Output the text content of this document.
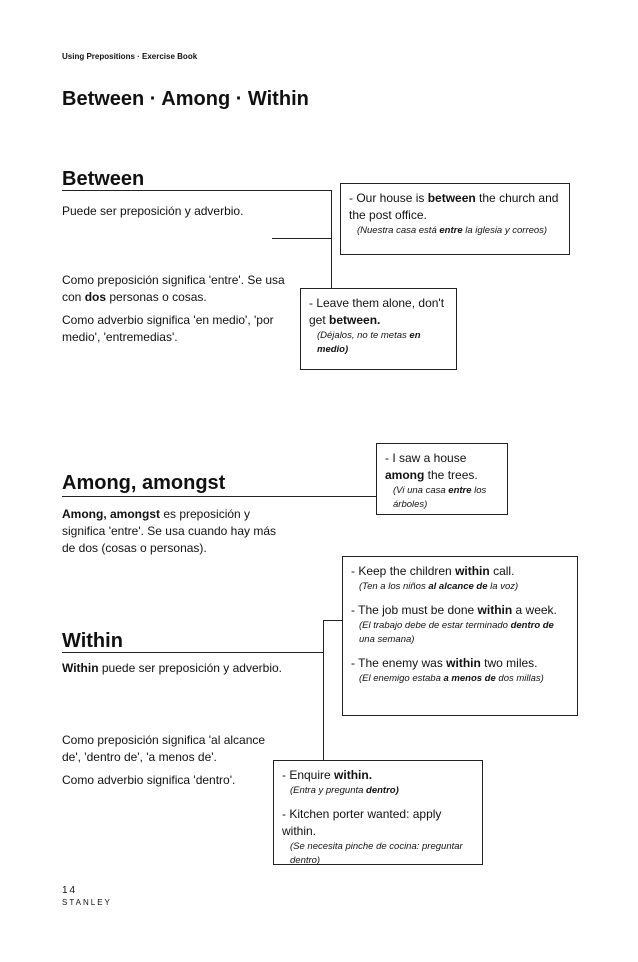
Using Prepositions · Exercise Book
Between · Among · Within
Between

Puede ser preposición y adverbio.

Como preposición significa 'entre'. Se usa con dos personas o cosas.

Como adverbio significa 'en medio', 'por medio', 'entremedias'.

- Our house is between the church and the post office.
(Nuestra casa está entre la iglesia y correos)
- Leave them alone, don't get between.
(Déjalos, no te metas en medio)
- I saw a house among the trees.
(Vi una casa entre los árboles)
Among, amongst

Among, amongst es preposición y significa 'entre'. Se usa cuando hay más de dos (cosas o personas).

- Keep the children within call.
(Ten a los niños al alcance de la voz)
- The job must be done within a week.
(El trabajo debe de estar terminado dentro de una semana)
- The enemy was within two miles.
(El enemigo estaba a menos de dos millas)
Within

Within puede ser preposición y adverbio.

Como preposición significa 'al alcance de', 'dentro de', 'a menos de'.

Como adverbio significa 'dentro'.	- Enquire within.
(Entra y pregunta dentro)
- Kitchen porter wanted: apply within.
(Se necesita pinche de cocina: preguntar dentro)
14
STANLEY
